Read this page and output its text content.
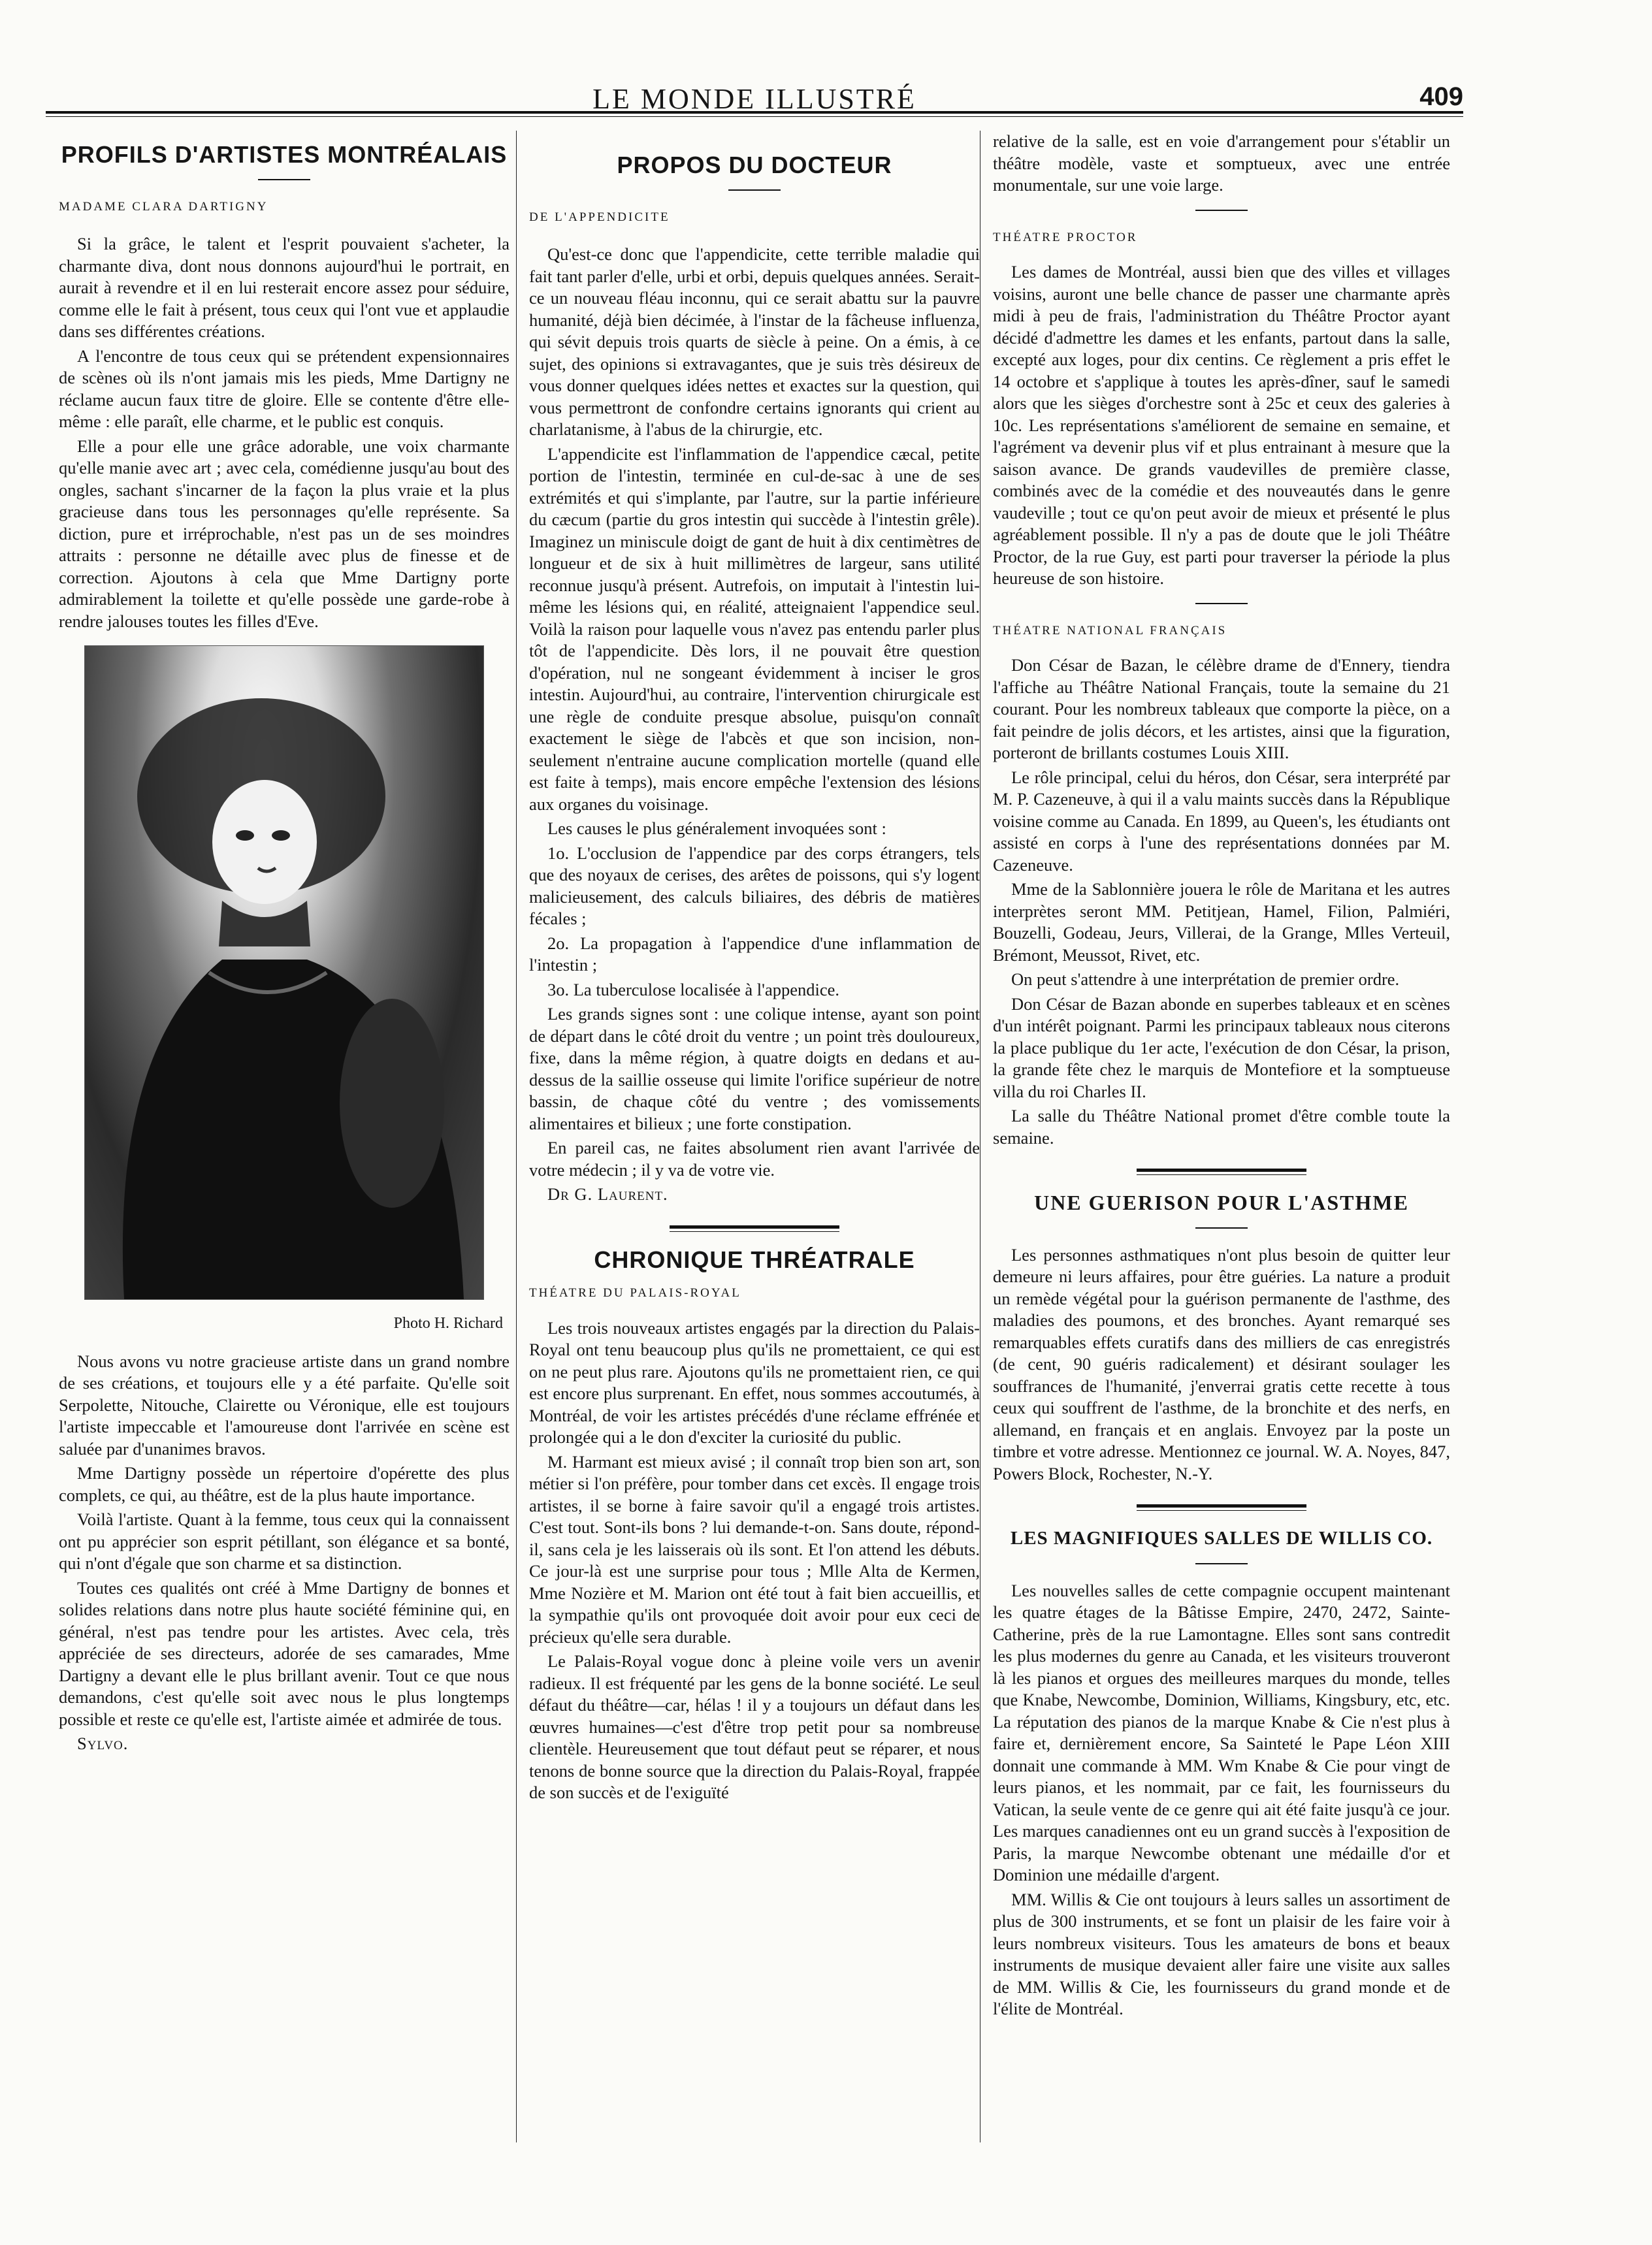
LE MONDE ILLUSTRÉ	409
PROFILS D'ARTISTES MONTRÉALAIS

MADAME CLARA DARTIGNY

Si la grâce, le talent et l'esprit pouvaient s'acheter, la charmante diva, dont nous donnons aujourd'hui le portrait, en aurait à revendre et il en lui resterait encore assez pour séduire, comme elle le fait à présent, tous ceux qui l'ont vue et applaudie dans ses différentes créations.

A l'encontre de tous ceux qui se prétendent expensionnaires de scènes où ils n'ont jamais mis les pieds, Mme Dartigny ne réclame aucun faux titre de gloire. Elle se contente d'être elle-même : elle paraît, elle charme, et le public est conquis.

Elle a pour elle une grâce adorable, une voix charmante qu'elle manie avec art ; avec cela, comédienne jusqu'au bout des ongles, sachant s'incarner de la façon la plus vraie et la plus gracieuse dans tous les personnages qu'elle représente. Sa diction, pure et irréprochable, n'est pas un de ses moindres attraits : personne ne détaille avec plus de finesse et de correction. Ajoutons à cela que Mme Dartigny porte admirablement la toilette et qu'elle possède une garde-robe à rendre jalouses toutes les filles d'Eve.

Photo H. Richard

Nous avons vu notre gracieuse artiste dans un grand nombre de ses créations, et toujours elle y a été parfaite. Qu'elle soit Serpolette, Nitouche, Clairette ou Véronique, elle est toujours l'artiste impeccable et l'amoureuse dont l'arrivée en scène est saluée par d'unanimes bravos.

Mme Dartigny possède un répertoire d'opérette des plus complets, ce qui, au théâtre, est de la plus haute importance.

Voilà l'artiste. Quant à la femme, tous ceux qui la connaissent ont pu apprécier son esprit pétillant, son élégance et sa bonté, qui n'ont d'égale que son charme et sa distinction.

Toutes ces qualités ont créé à Mme Dartigny de bonnes et solides relations dans notre plus haute société féminine qui, en général, n'est pas tendre pour les artistes. Avec cela, très appréciée de ses directeurs, adorée de ses camarades, Mme Dartigny a devant elle le plus brillant avenir. Tout ce que nous demandons, c'est qu'elle soit avec nous le plus longtemps possible et reste ce qu'elle est, l'artiste aimée et admirée de tous.

Sylvo.

PROPOS DU DOCTEUR

DE L'APPENDICITE

Qu'est-ce donc que l'appendicite, cette terrible maladie qui fait tant parler d'elle, urbi et orbi, depuis quelques années. Serait-ce un nouveau fléau inconnu, qui ce serait abattu sur la pauvre humanité, déjà bien décimée, à l'instar de la fâcheuse influenza, qui sévit depuis trois quarts de siècle à peine. On a émis, à ce sujet, des opinions si extravagantes, que je suis très désireux de vous donner quelques idées nettes et exactes sur la question, qui vous permettront de confondre certains ignorants qui crient au charlatanisme, à l'abus de la chirurgie, etc.

L'appendicite est l'inflammation de l'appendice cæcal, petite portion de l'intestin, terminée en cul-de-sac à une de ses extrémités et qui s'implante, par l'autre, sur la partie inférieure du cæcum (partie du gros intestin qui succède à l'intestin grêle). Imaginez un miniscule doigt de gant de huit à dix centimètres de longueur et de six à huit millimètres de largeur, sans utilité reconnue jusqu'à présent. Autrefois, on imputait à l'intestin lui-même les lésions qui, en réalité, atteignaient l'appendice seul. Voilà la raison pour laquelle vous n'avez pas entendu parler plus tôt de l'appendicite. Dès lors, il ne pouvait être question d'opération, nul ne songeant évidemment à inciser le gros intestin. Aujourd'hui, au contraire, l'intervention chirurgicale est une règle de conduite presque absolue, puisqu'on connaît exactement le siège de l'abcès et que son incision, non-seulement n'entraine aucune complication mortelle (quand elle est faite à temps), mais encore empêche l'extension des lésions aux organes du voisinage.

Les causes le plus généralement invoquées sont :

1o. L'occlusion de l'appendice par des corps étrangers, tels que des noyaux de cerises, des arêtes de poissons, qui s'y logent malicieusement, des calculs biliaires, des débris de matières fécales ;

2o. La propagation à l'appendice d'une inflammation de l'intestin ;

3o. La tuberculose localisée à l'appendice.

Les grands signes sont : une colique intense, ayant son point de départ dans le côté droit du ventre ; un point très douloureux, fixe, dans la même région, à quatre doigts en dedans et au-dessus de la saillie osseuse qui limite l'orifice supérieur de notre bassin, de chaque côté du ventre ; des vomissements alimentaires et bilieux ; une forte constipation.

En pareil cas, ne faites absolument rien avant l'arrivée de votre médecin ; il y va de votre vie.

Dr G. Laurent.

CHRONIQUE THRÉATRALE

THÉATRE DU PALAIS-ROYAL

Les trois nouveaux artistes engagés par la direction du Palais-Royal ont tenu beaucoup plus qu'ils ne promettaient, ce qui est on ne peut plus rare. Ajoutons qu'ils ne promettaient rien, ce qui est encore plus surprenant. En effet, nous sommes accoutumés, à Montréal, de voir les artistes précédés d'une réclame effrénée et prolongée qui a le don d'exciter la curiosité du public.

M. Harmant est mieux avisé ; il connaît trop bien son art, son métier si l'on préfère, pour tomber dans cet excès. Il engage trois artistes, il se borne à faire savoir qu'il a engagé trois artistes. C'est tout. Sont-ils bons ? lui demande-t-on. Sans doute, répond-il, sans cela je les laisserais où ils sont. Et l'on attend les débuts. Ce jour-là est une surprise pour tous ; Mlle Alta de Kermen, Mme Nozière et M. Marion ont été tout à fait bien accueillis, et la sympathie qu'ils ont provoquée doit avoir pour eux ceci de précieux qu'elle sera durable.

Le Palais-Royal vogue donc à pleine voile vers un avenir radieux. Il est fréquenté par les gens de la bonne société. Le seul défaut du théâtre—car, hélas ! il y a toujours un défaut dans les œuvres humaines—c'est d'être trop petit pour sa nombreuse clientèle. Heureusement que tout défaut peut se réparer, et nous tenons de bonne source que la direction du Palais-Royal, frappée de son succès et de l'exiguïté

relative de la salle, est en voie d'arrangement pour s'établir un théâtre modèle, vaste et somptueux, avec une entrée monumentale, sur une voie large.

THÉATRE PROCTOR

Les dames de Montréal, aussi bien que des villes et villages voisins, auront une belle chance de passer une charmante après midi à peu de frais, l'administration du Théâtre Proctor ayant décidé d'admettre les dames et les enfants, partout dans la salle, excepté aux loges, pour dix centins. Ce règlement a pris effet le 14 octobre et s'applique à toutes les après-dîner, sauf le samedi alors que les sièges d'orchestre sont à 25c et ceux des galeries à 10c. Les représentations s'améliorent de semaine en semaine, et l'agrément va devenir plus vif et plus entrainant à mesure que la saison avance. De grands vaudevilles de première classe, combinés avec de la comédie et des nouveautés dans le genre vaudeville ; tout ce qu'on peut avoir de mieux et présenté le plus agréablement possible. Il n'y a pas de doute que le joli Théâtre Proctor, de la rue Guy, est parti pour traverser la période la plus heureuse de son histoire.

THÉATRE NATIONAL FRANÇAIS

Don César de Bazan, le célèbre drame de d'Ennery, tiendra l'affiche au Théâtre National Français, toute la semaine du 21 courant. Pour les nombreux tableaux que comporte la pièce, on a fait peindre de jolis décors, et les artistes, ainsi que la figuration, porteront de brillants costumes Louis XIII.

Le rôle principal, celui du héros, don César, sera interprété par M. P. Cazeneuve, à qui il a valu maints succès dans la République voisine comme au Canada. En 1899, au Queen's, les étudiants ont assisté en corps à l'une des représentations données par M. Cazeneuve.

Mme de la Sablonnière jouera le rôle de Maritana et les autres interprètes seront MM. Petitjean, Hamel, Filion, Palmiéri, Bouzelli, Godeau, Jeurs, Villerai, de la Grange, Mlles Verteuil, Brémont, Meussot, Rivet, etc.

On peut s'attendre à une interprétation de premier ordre.

Don César de Bazan abonde en superbes tableaux et en scènes d'un intérêt poignant. Parmi les principaux tableaux nous citerons la place publique du 1er acte, l'exécution de don César, la prison, la grande fête chez le marquis de Montefiore et la somptueuse villa du roi Charles II.

La salle du Théâtre National promet d'être comble toute la semaine.

UNE GUERISON POUR L'ASTHME

Les personnes asthmatiques n'ont plus besoin de quitter leur demeure ni leurs affaires, pour être guéries. La nature a produit un remède végétal pour la guérison permanente de l'asthme, des maladies des poumons, et des bronches. Ayant remarqué ses remarquables effets curatifs dans des milliers de cas enregistrés (de cent, 90 guéris radicalement) et désirant soulager les souffrances de l'humanité, j'enverrai gratis cette recette à tous ceux qui souffrent de l'asthme, de la bronchite et des nerfs, en allemand, en français et en anglais. Envoyez par la poste un timbre et votre adresse. Mentionnez ce journal. W. A. Noyes, 847, Powers Block, Rochester, N.-Y.

LES MAGNIFIQUES SALLES DE WILLIS CO.

Les nouvelles salles de cette compagnie occupent maintenant les quatre étages de la Bâtisse Empire, 2470, 2472, Sainte-Catherine, près de la rue Lamontagne. Elles sont sans contredit les plus modernes du genre au Canada, et les visiteurs trouveront là les pianos et orgues des meilleures marques du monde, telles que Knabe, Newcombe, Dominion, Williams, Kingsbury, etc, etc. La réputation des pianos de la marque Knabe & Cie n'est plus à faire et, dernièrement encore, Sa Sainteté le Pape Léon XIII donnait une commande à MM. Wm Knabe & Cie pour vingt de leurs pianos, et les nommait, par ce fait, les fournisseurs du Vatican, la seule vente de ce genre qui ait été faite jusqu'à ce jour. Les marques canadiennes ont eu un grand succès à l'exposition de Paris, la marque Newcombe obtenant une médaille d'or et Dominion une médaille d'argent.

MM. Willis & Cie ont toujours à leurs salles un assortiment de plus de 300 instruments, et se font un plaisir de les faire voir à leurs nombreux visiteurs. Tous les amateurs de bons et beaux instruments de musique devaient aller faire une visite aux salles de MM. Willis & Cie, les fournisseurs du grand monde et de l'élite de Montréal.
